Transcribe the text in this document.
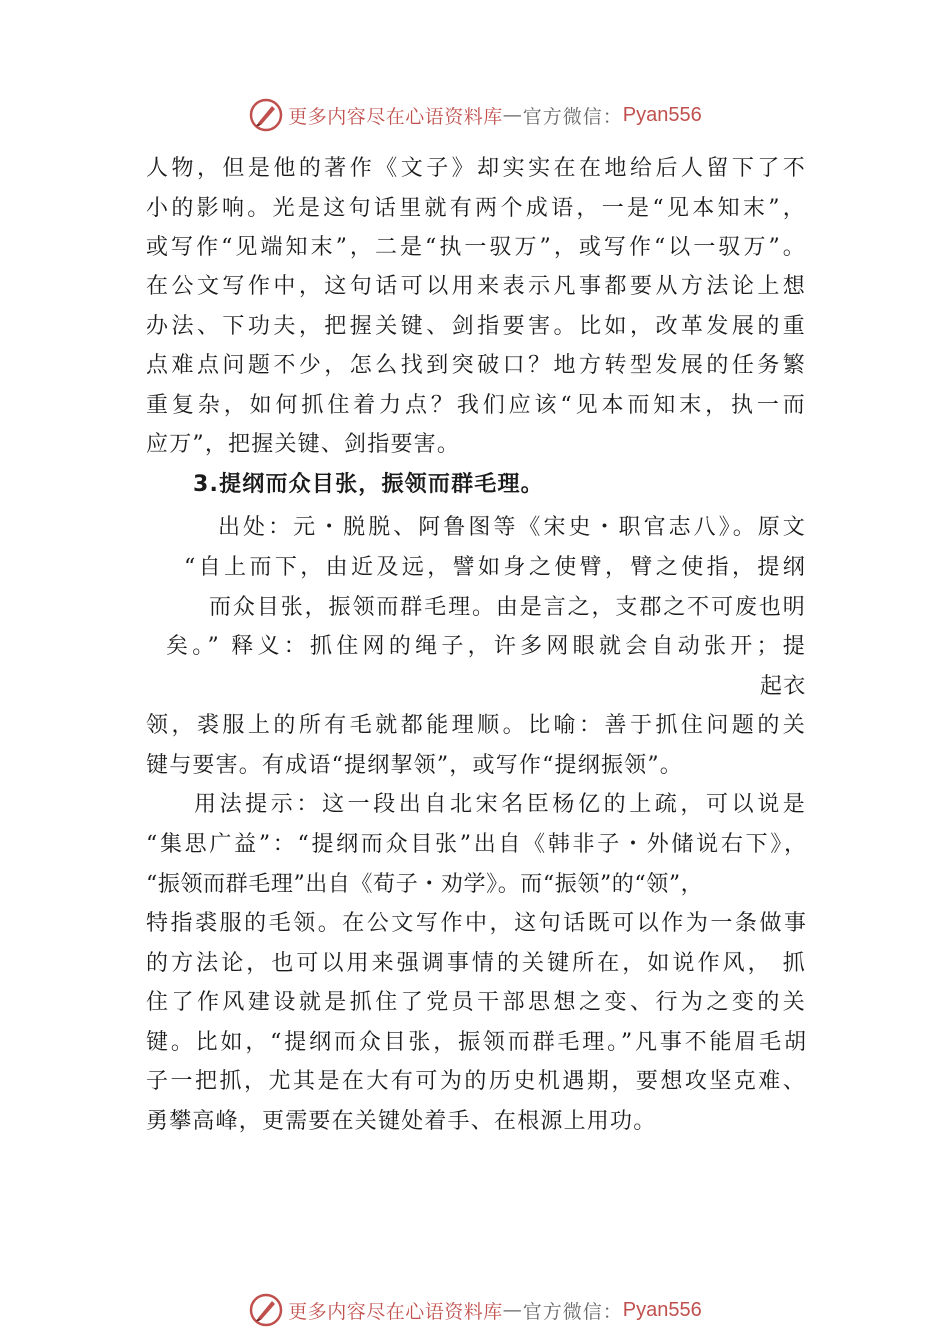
更多内容尽在心语资料库 — 官方微信： Pyan556
人物，但是他的著作《文子》却实实在在地给后人留下了不
小的影响。光是这句话里就有两个成语，一是“见本知末”，
或写作“见端知末”，二是“执一驭万”，或写作“以一驭万”。
在公文写作中，这句话可以用来表示凡事都要从方法论上想
办法、下功夫，把握关键、剑指要害。比如，改革发展的重
点难点问题不少，怎么找到突破口？地方转型发展的任务繁
重复杂，如何抓住着力点？我们应该“见本而知末，执一而
应万”，把握关键、剑指要害。
3.提纲而众目张，振领而群毛理。
出处：元・脱脱、阿鲁图等《宋史・职官志八》。原文
“自上而下，由近及远，譬如身之使臂，臂之使指，提纲
而众目张，振领而群毛理。由是言之，支郡之不可废也明
矣。” 释义：抓住网的绳子，许多网眼就会自动张开；提
起衣
领，裘服上的所有毛就都能理顺。比喻：善于抓住问题的关
键与要害。有成语“提纲挈领”，或写作“提纲振领”。
用法提示：这一段出自北宋名臣杨亿的上疏，可以说是
“集思广益”：“提纲而众目张”出自《韩非子・外储说右下》，
“振领而群毛理”出自《荀子・劝学》。而“振领”的“领”，
特指裘服的毛领。在公文写作中，这句话既可以作为一条做事
的方法论，也可以用来强调事情的关键所在，如说作风， 抓
住了作风建设就是抓住了党员干部思想之变、行为之变的关
键。比如，“提纲而众目张，振领而群毛理。”凡事不能眉毛胡
子一把抓，尤其是在大有可为的历史机遇期，要想攻坚克难、
勇攀高峰，更需要在关键处着手、在根源上用功。
更多内容尽在心语资料库 — 官方微信： Pyan556
